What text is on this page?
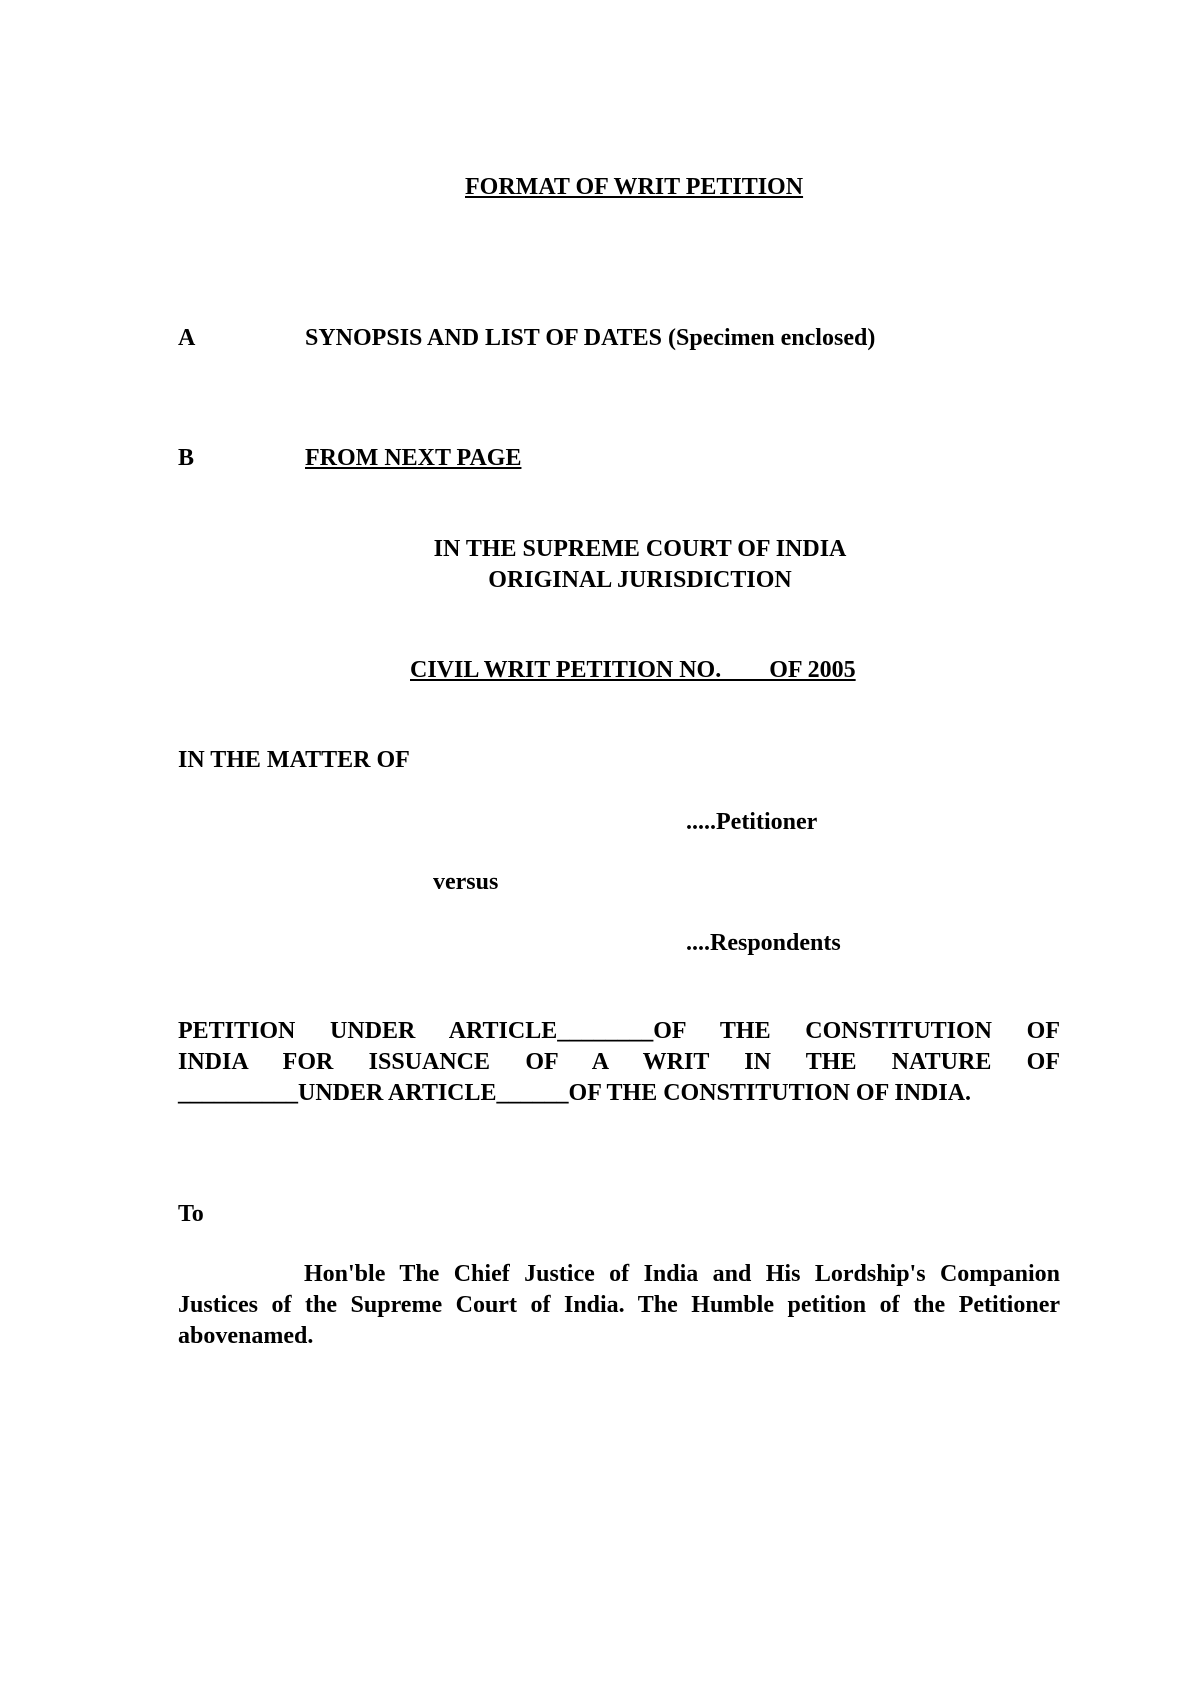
FORMAT OF WRIT PETITION
A	SYNOPSIS AND LIST OF DATES (Specimen enclosed)
B	FROM NEXT PAGE
IN THE SUPREME COURT OF INDIA
ORIGINAL JURISDICTION
CIVIL WRIT PETITION NO.        OF 2005
IN THE MATTER OF
.....Petitioner
versus
....Respondents
PETITION UNDER ARTICLE________OF THE CONSTITUTION OF
INDIA FOR ISSUANCE OF A WRIT IN THE NATURE OF
__________UNDER ARTICLE______OF THE CONSTITUTION OF INDIA.
To
Hon'ble The Chief Justice of India and His Lordship's Companion Justices of the Supreme Court of India. The Humble petition of the Petitioner abovenamed.
